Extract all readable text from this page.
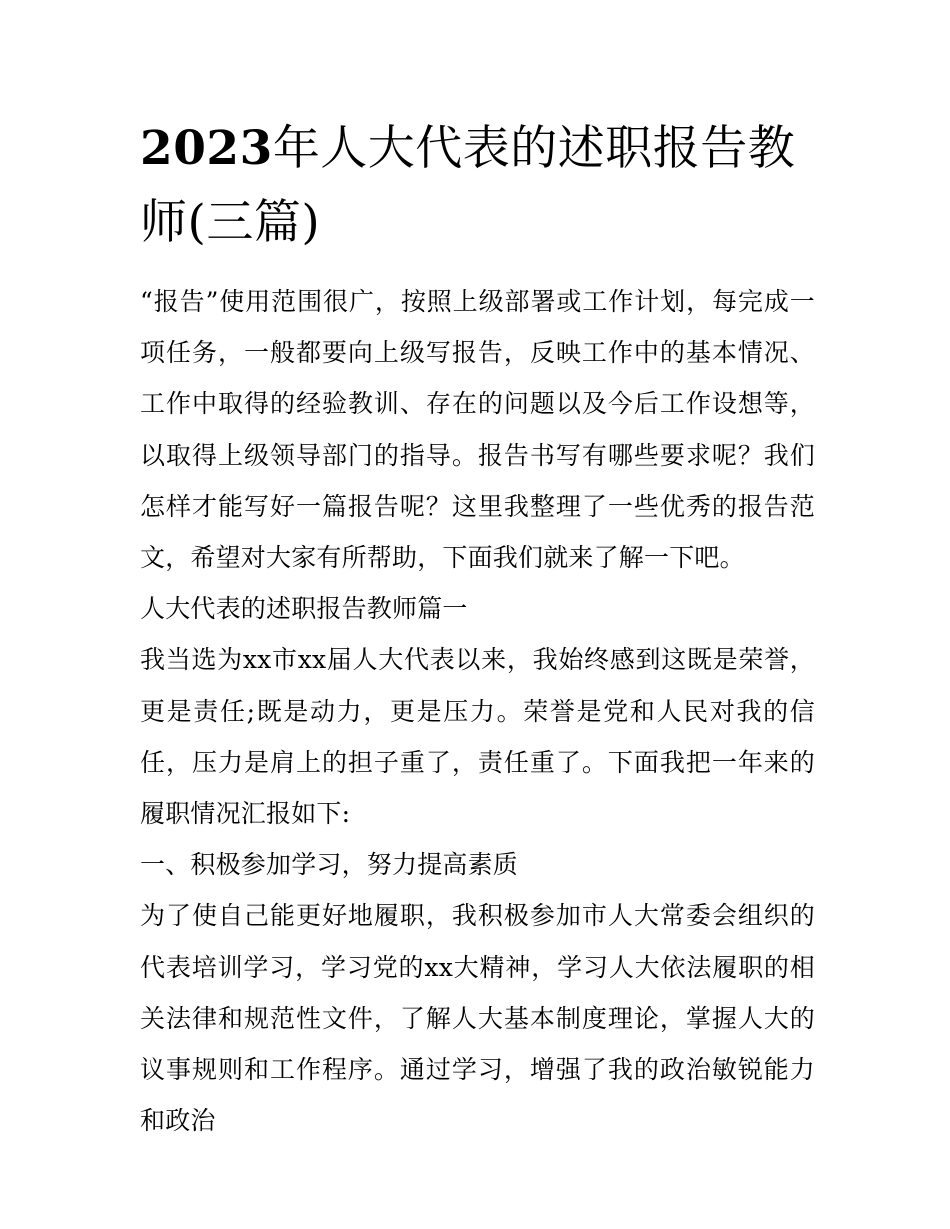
2023年人大代表的述职报告教师(三篇)

“报告”使用范围很广，按照上级部署或工作计划，每完成一项任务，一般都要向上级写报告，反映工作中的基本情况、工作中取得的经验教训、存在的问题以及今后工作设想等，以取得上级领导部门的指导。报告书写有哪些要求呢？我们怎样才能写好一篇报告呢？这里我整理了一些优秀的报告范文，希望对大家有所帮助，下面我们就来了解一下吧。

人大代表的述职报告教师篇一

我当选为xx市xx届人大代表以来，我始终感到这既是荣誉，更是责任;既是动力，更是压力。荣誉是党和人民对我的信任，压力是肩上的担子重了，责任重了。下面我把一年来的履职情况汇报如下:

一、积极参加学习，努力提高素质

为了使自己能更好地履职，我积极参加市人大常委会组织的代表培训学习，学习党的xx大精神，学习人大依法履职的相关法律和规范性文件，了解人大基本制度理论，掌握人大的议事规则和工作程序。通过学习，增强了我的政治敏锐能力和政治
